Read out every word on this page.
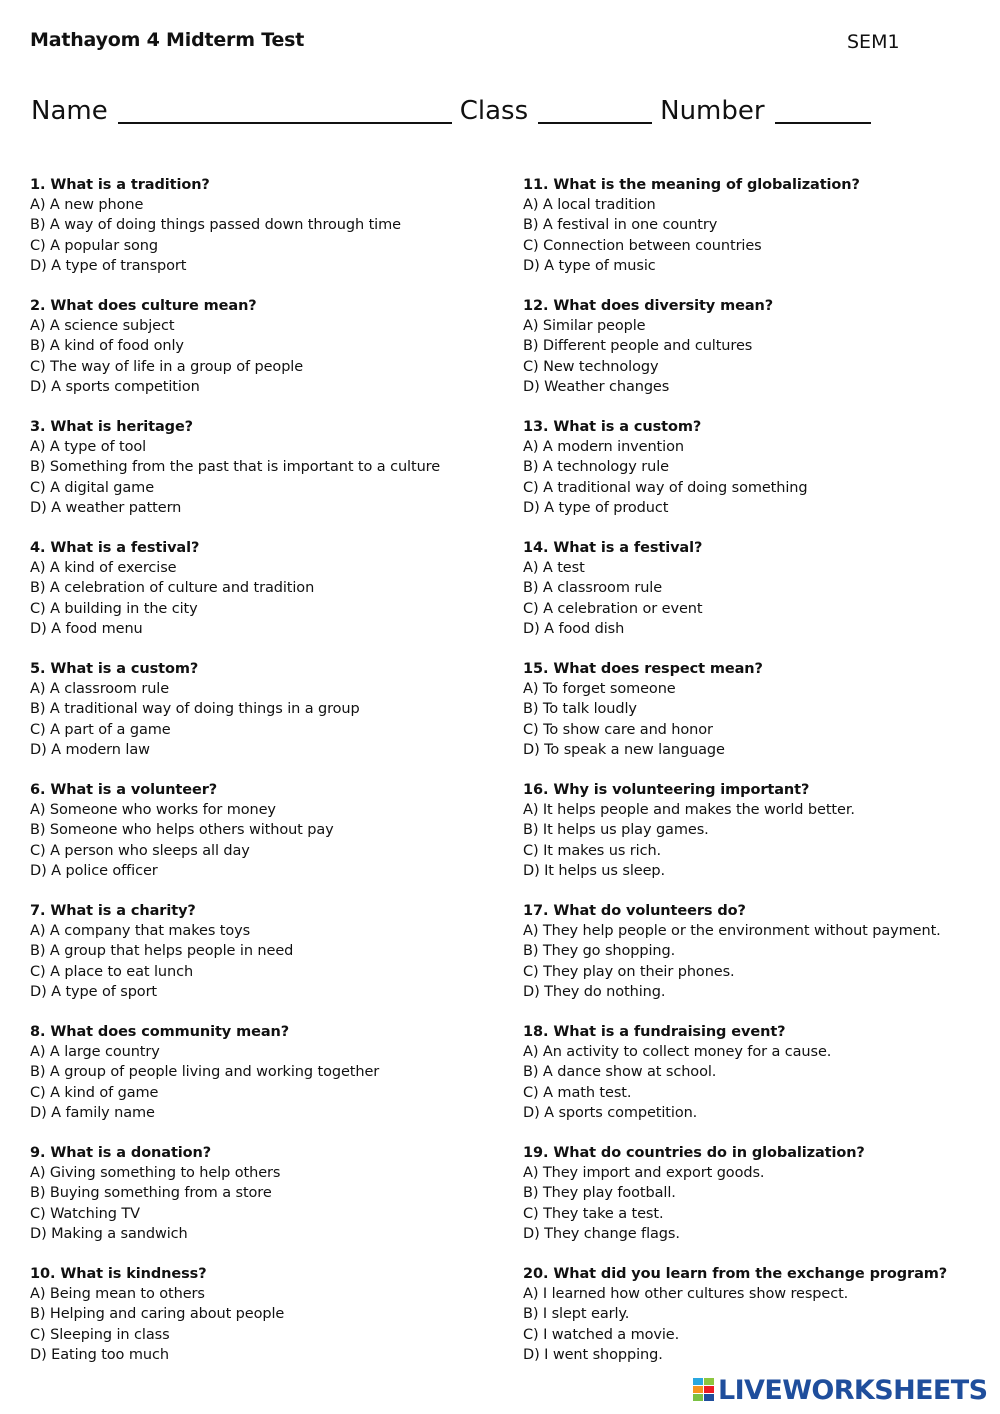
Mathayom 4 Midterm Test	SEM1
Name	Class	Number
1. What is a tradition?
A) A new phone
B) A way of doing things passed down through time
C) A popular song
D) A type of transport
2. What does culture mean?
A) A science subject
B) A kind of food only
C) The way of life in a group of people
D) A sports competition
3. What is heritage?
A) A type of tool
B) Something from the past that is important to a culture
C) A digital game
D) A weather pattern
4. What is a festival?
A) A kind of exercise
B) A celebration of culture and tradition
C) A building in the city
D) A food menu
5. What is a custom?
A) A classroom rule
B) A traditional way of doing things in a group
C) A part of a game
D) A modern law
6. What is a volunteer?
A) Someone who works for money
B) Someone who helps others without pay
C) A person who sleeps all day
D) A police officer
7. What is a charity?
A) A company that makes toys
B) A group that helps people in need
C) A place to eat lunch
D) A type of sport
8. What does community mean?
A) A large country
B) A group of people living and working together
C) A kind of game
D) A family name
9. What is a donation?
A) Giving something to help others
B) Buying something from a store
C) Watching TV
D) Making a sandwich
10. What is kindness?
A) Being mean to others
B) Helping and caring about people
C) Sleeping in class
D) Eating too much
11. What is the meaning of globalization?
A) A local tradition
B) A festival in one country
C) Connection between countries
D) A type of music
12. What does diversity mean?
A) Similar people
B) Different people and cultures
C) New technology
D) Weather changes
13. What is a custom?
A) A modern invention
B) A technology rule
C) A traditional way of doing something
D) A type of product
14. What is a festival?
A) A test
B) A classroom rule
C) A celebration or event
D) A food dish
15. What does respect mean?
A) To forget someone
B) To talk loudly
C) To show care and honor
D) To speak a new language
16. Why is volunteering important?
A) It helps people and makes the world better.
B) It helps us play games.
C) It makes us rich.
D) It helps us sleep.
17. What do volunteers do?
A) They help people or the environment without payment.
B) They go shopping.
C) They play on their phones.
D) They do nothing.
18. What is a fundraising event?
A) An activity to collect money for a cause.
B) A dance show at school.
C) A math test.
D) A sports competition.
19. What do countries do in globalization?
A) They import and export goods.
B) They play football.
C) They take a test.
D) They change flags.
20. What did you learn from the exchange program?
A) I learned how other cultures show respect.
B) I slept early.
C) I watched a movie.
D) I went shopping.
LIVEWORKSHEETS
